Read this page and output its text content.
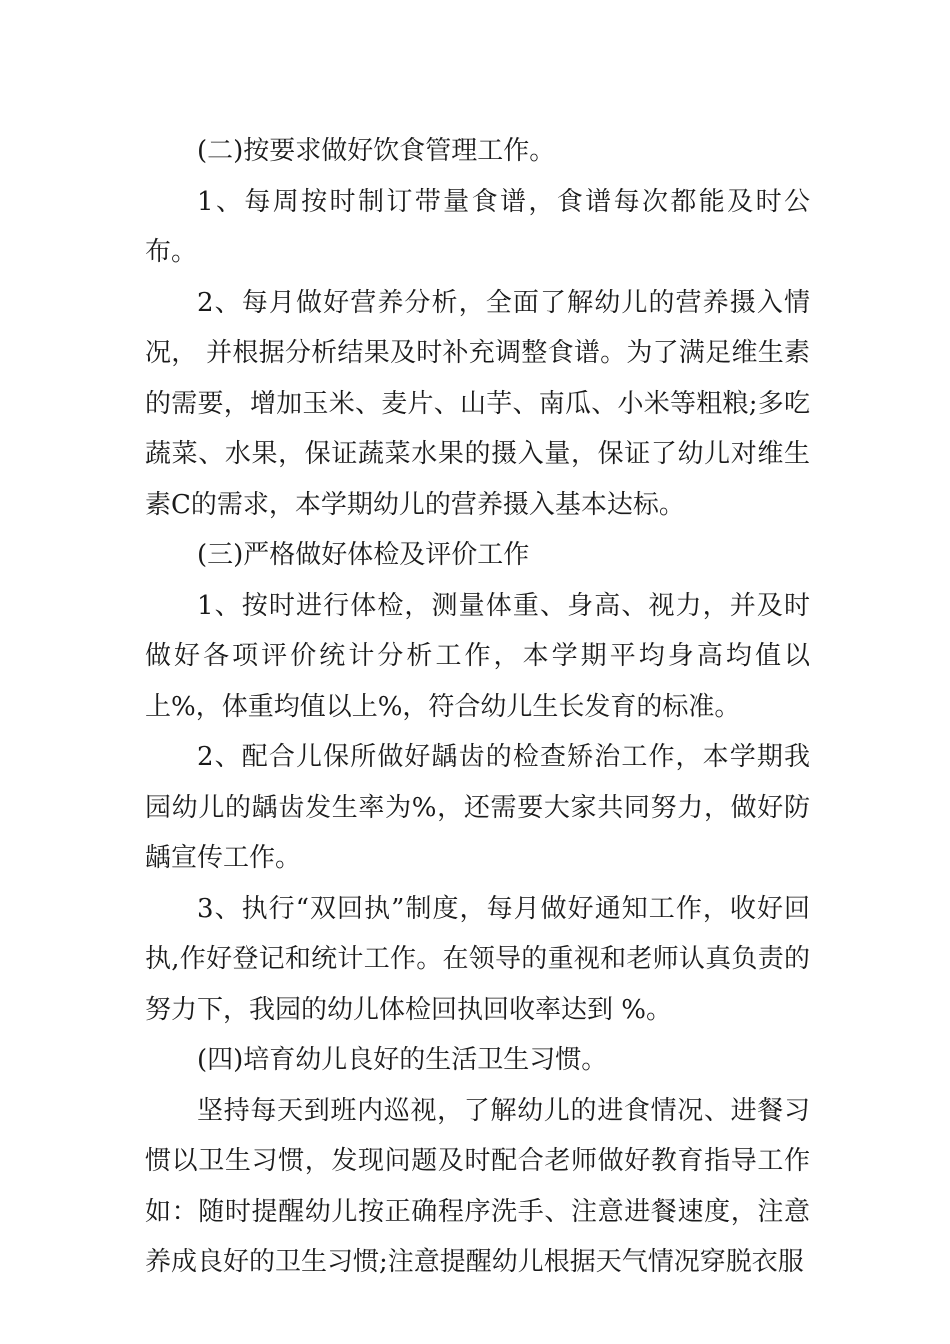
(二)按要求做好饮食管理工作。

1、每周按时制订带量食谱，食谱每次都能及时公布。

2、每月做好营养分析，全面了解幼儿的营养摄入情况， 并根据分析结果及时补充调整食谱。为了满足维生素的需要，增加玉米、麦片、山芋、南瓜、小米等粗粮;多吃蔬菜、水果，保证蔬菜水果的摄入量，保证了幼儿对维生素C的需求，本学期幼儿的营养摄入基本达标。

(三)严格做好体检及评价工作

1、按时进行体检，测量体重、身高、视力，并及时做好各项评价统计分析工作，本学期平均身高均值以上%，体重均值以上%，符合幼儿生长发育的标准。

2、配合儿保所做好龋齿的检查矫治工作，本学期我园幼儿的龋齿发生率为%，还需要大家共同努力，做好防龋宣传工作。

3、执行“双回执”制度，每月做好通知工作，收好回执,作好登记和统计工作。在领导的重视和老师认真负责的努力下，我园的幼儿体检回执回收率达到 %。

(四)培育幼儿良好的生活卫生习惯。

坚持每天到班内巡视，了解幼儿的进食情况、进餐习惯以卫生习惯，发现问题及时配合老师做好教育指导工作如：随时提醒幼儿按正确程序洗手、注意进餐速度，注意养成良好的卫生习惯;注意提醒幼儿根据天气情况穿脱衣服
